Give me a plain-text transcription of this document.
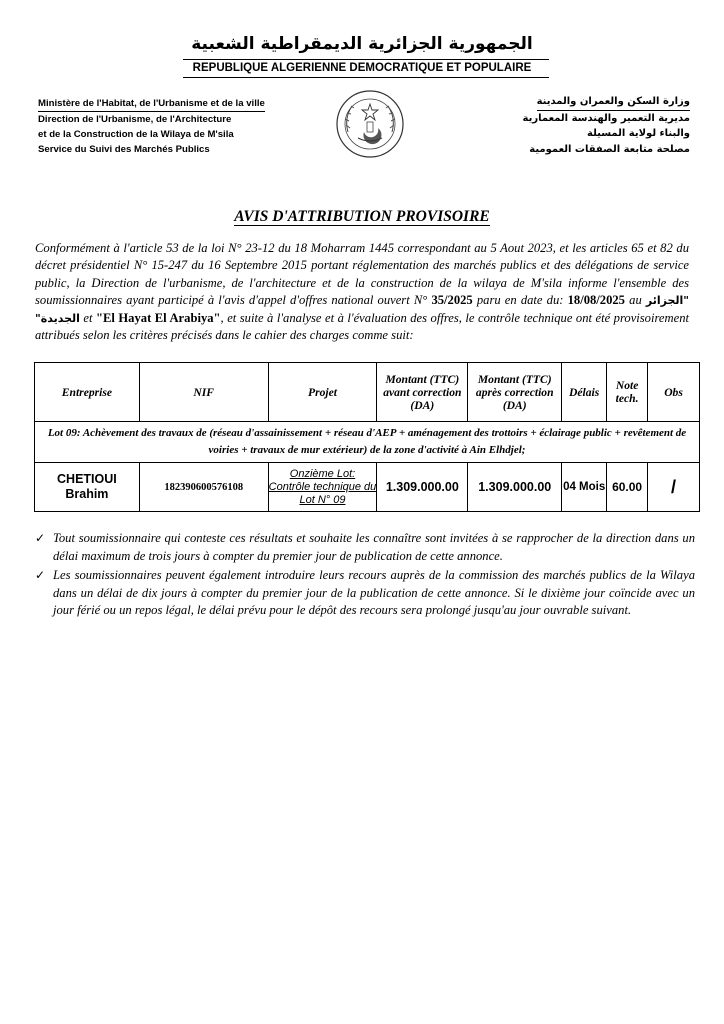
الجمهورية الجزائرية الديمقراطية الشعبية
REPUBLIQUE ALGERIENNE DEMOCRATIQUE ET POPULAIRE
Ministère de l'Habitat, de l'Urbanisme et de la ville
Direction de l'Urbanisme, de l'Architecture
et de la Construction de la Wilaya de M'sila
Service du Suivi des Marchés Publics
وزارة السكن والعمران والمدينة
مديرية التعمير والهندسة المعمارية
والبناء لولاية المسيلة
مصلحة متابعة الصفقات العمومية
AVIS D'ATTRIBUTION PROVISOIRE
Conformément à l'article 53 de la loi N° 23-12 du 18 Moharram 1445 correspondant au 5 Aout 2023, et les articles 65 et 82 du décret présidentiel N° 15-247 du 16 Septembre 2015 portant réglementation des marchés publics et des délégations de service public, la Direction de l'urbanisme, de l'architecture et de la construction de la wilaya de M'sila informe l'ensemble des soumissionnaires ayant participé à l'avis d'appel d'offres national ouvert N° 35/2025 paru en date du: 18/08/2025 au "الجزائر الجديدة" et "El Hayat El Arabiya", et suite à l'analyse et à l'évaluation des offres, le contrôle technique ont été provisoirement attribués selon les critères précisés dans le cahier des charges comme suit:
Entreprise	NIF	Projet	Montant (TTC) avant correction (DA)	Montant (TTC) après correction (DA)	Délais	Note tech.	Obs
Lot 09: Achèvement des travaux de (réseau d'assainissement + réseau d'AEP + aménagement des trottoirs + éclairage public + revêtement de voiries + travaux de mur extérieur) de la zone d'activité à Ain Elhdjel;							
CHETIOUI Brahim	182390600576108	Onzième Lot: Contrôle technique du Lot N° 09	1.309.000.00	1.309.000.00	04 Mois	60.00	/
✓ Tout soumissionnaire qui conteste ces résultats et souhaite les connaître sont invitées à se rapprocher de la direction dans un délai maximum de trois jours à compter du premier jour de publication de cette annonce.
✓ Les soumissionnaires peuvent également introduire leurs recours auprès de la commission des marchés publics de la Wilaya dans un délai de dix jours à compter du premier jour de la publication de cette annonce. Si le dixième jour coïncide avec un jour férié ou un repos légal, le délai prévu pour le dépôt des recours sera prolongé jusqu'au jour ouvrable suivant.
